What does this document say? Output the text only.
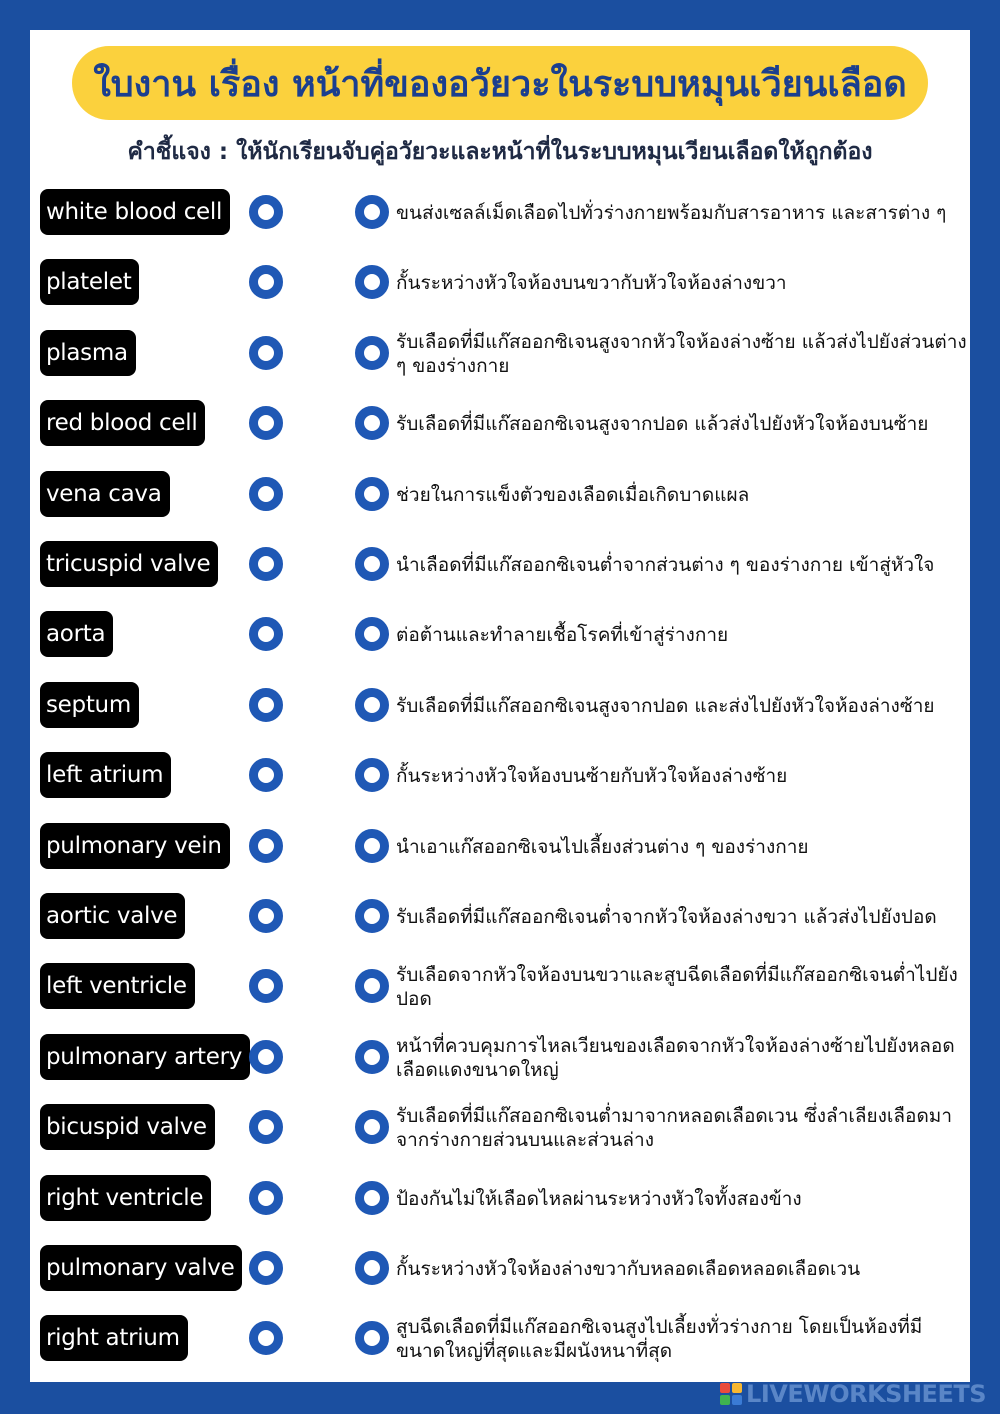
ใบงาน เรื่อง หน้าที่ของอวัยวะในระบบหมุนเวียนเลือด
คำชี้แจง : ให้นักเรียนจับคู่อวัยวะและหน้าที่ในระบบหมุนเวียนเลือดให้ถูกต้อง
white blood cell	ขนส่งเซลล์เม็ดเลือดไปทั่วร่างกายพร้อมกับสารอาหาร และสารต่าง ๆ
platelet	กั้นระหว่างหัวใจห้องบนขวากับหัวใจห้องล่างขวา
plasma	รับเลือดที่มีแก๊สออกซิเจนสูงจากหัวใจห้องล่างซ้าย แล้วส่งไปยังส่วนต่าง ๆ ของร่างกาย
red blood cell	รับเลือดที่มีแก๊สออกซิเจนสูงจากปอด แล้วส่งไปยังหัวใจห้องบนซ้าย
vena cava	ช่วยในการแข็งตัวของเลือดเมื่อเกิดบาดแผล
tricuspid valve	นำเลือดที่มีแก๊สออกซิเจนต่ำจากส่วนต่าง ๆ ของร่างกาย เข้าสู่หัวใจ
aorta	ต่อต้านและทำลายเชื้อโรคที่เข้าสู่ร่างกาย
septum	รับเลือดที่มีแก๊สออกซิเจนสูงจากปอด และส่งไปยังหัวใจห้องล่างซ้าย
left atrium	กั้นระหว่างหัวใจห้องบนซ้ายกับหัวใจห้องล่างซ้าย
pulmonary vein	นำเอาแก๊สออกซิเจนไปเลี้ยงส่วนต่าง ๆ ของร่างกาย
aortic valve	รับเลือดที่มีแก๊สออกซิเจนต่ำจากหัวใจห้องล่างขวา แล้วส่งไปยังปอด
left ventricle	รับเลือดจากหัวใจห้องบนขวาและสูบฉีดเลือดที่มีแก๊สออกซิเจนต่ำไปยังปอด
pulmonary artery	หน้าที่ควบคุมการไหลเวียนของเลือดจากหัวใจห้องล่างซ้ายไปยังหลอดเลือดแดงขนาดใหญ่
bicuspid valve	รับเลือดที่มีแก๊สออกซิเจนต่ำมาจากหลอดเลือดเวน ซึ่งลำเลียงเลือดมาจากร่างกายส่วนบนและส่วนล่าง
right ventricle	ป้องกันไม่ให้เลือดไหลผ่านระหว่างหัวใจทั้งสองข้าง
pulmonary valve	กั้นระหว่างหัวใจห้องล่างขวากับหลอดเลือดหลอดเลือดเวน
right atrium	สูบฉีดเลือดที่มีแก๊สออกซิเจนสูงไปเลี้ยงทั่วร่างกาย โดยเป็นห้องที่มีขนาดใหญ่ที่สุดและมีผนังหนาที่สุด
LIVEWORKSHEETS
